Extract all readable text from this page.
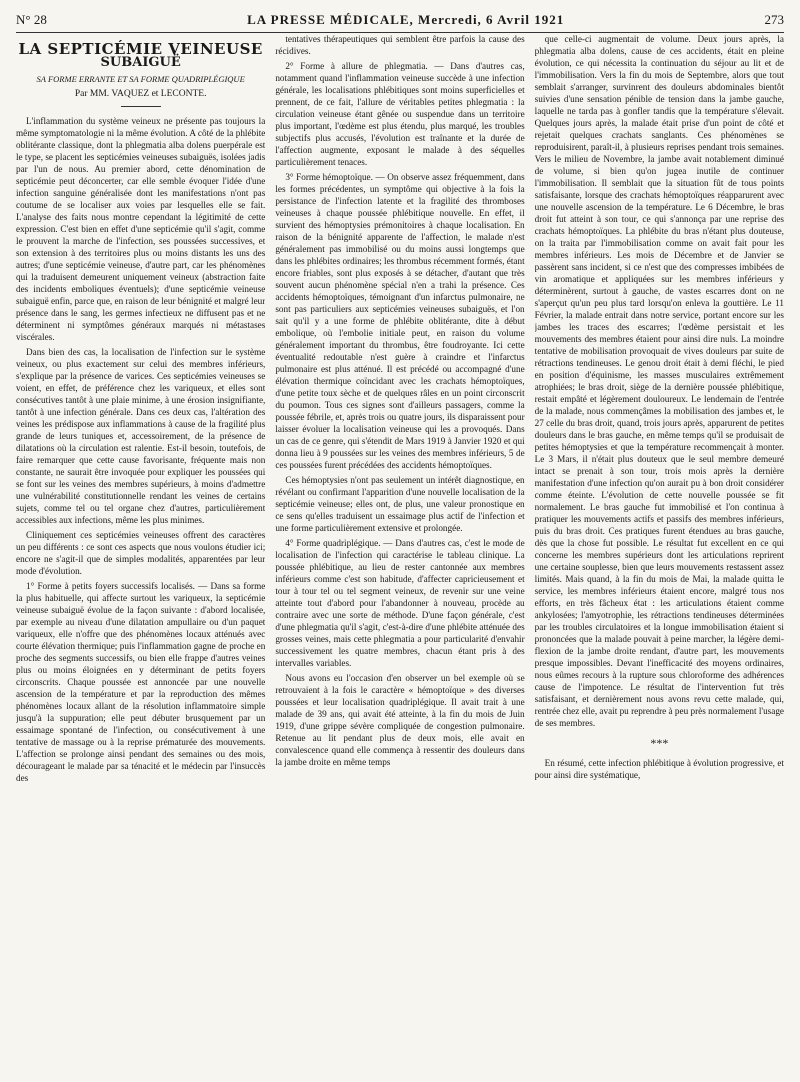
N° 28	LA PRESSE MÉDICALE, Mercredi, 6 Avril 1921	273
LA SEPTICÉMIE VEINEUSE
SUBAIGUË
SA FORME ERRANTE ET SA FORME QUADRIPLÉGIQUE
Par MM. VAQUEZ et LECONTE.

L'inflammation du système veineux ne présente pas toujours la même symptomatologie ni la même évolution. A côté de la phlébite oblitérante classique, dont la phlegmatia alba dolens puerpérale est le type, se placent les septicémies veineuses subaiguës, isolées jadis par l'un de nous. Au premier abord, cette dénomination de septicémie peut déconcerter, car elle semble évoquer l'idée d'une infection sanguine généralisée dont les manifestations n'ont pas coutume de se localiser aux voies par lesquelles elle se fait. L'analyse des faits nous montre cependant la légitimité de cette expression. C'est bien en effet d'une septicémie qu'il s'agit, comme le prouvent la marche de l'infection, ses poussées successives, et son extension à des territoires plus ou moins distants les uns des autres; d'une septicémie veineuse, d'autre part, car les phénomènes qui la traduisent demeurent uniquement veineux (abstraction faite des incidents emboliques éventuels); d'une septicémie veineuse subaiguë enfin, parce que, en raison de leur bénignité et malgré leur présence dans le sang, les germes infectieux ne diffusent pas et ne déterminent ni symptômes généraux marqués ni métastases viscérales.

Dans bien des cas, la localisation de l'infection sur le système veineux, ou plus exactement sur celui des membres inférieurs, s'explique par la présence de varices. Ces septicémies veineuses se voient, en effet, de préférence chez les variqueux, et elles sont consécutives tantôt à une plaie minime, à une érosion insignifiante, tantôt à une infection générale. Dans ces deux cas, l'altération des veines les prédispose aux inflammations à cause de la fragilité plus grande de leurs tuniques et, accessoirement, de la présence de dilatations où la circulation est ralentie. Est-il besoin, toutefois, de faire remarquer que cette cause favorisante, fréquente mais non constante, ne saurait être invoquée pour expliquer les poussées qui se font sur les veines des membres supérieurs, à moins d'admettre une vulnérabilité constitutionnelle rendant les veines de certains sujets, comme tel ou tel organe chez d'autres, particulièrement accessibles aux infections, même les plus minimes.

Cliniquement ces septicémies veineuses offrent des caractères un peu différents : ce sont ces aspects que nous voulons étudier ici; encore ne s'agit-il que de simples modalités, apparentées par leur mode d'évolution.

1° Forme à petits foyers successifs localisés. — Dans sa forme la plus habituelle, qui affecte surtout les variqueux, la septicémie veineuse subaiguë évolue de la façon suivante : d'abord localisée, par exemple au niveau d'une dilatation ampullaire ou d'un paquet variqueux, elle n'offre que des phénomènes locaux atténués avec courte élévation thermique; puis l'inflammation gagne de proche en proche des segments successifs, ou bien elle frappe d'autres veines plus ou moins éloignées en y déterminant de petits foyers circonscrits. Chaque poussée est annoncée par une nouvelle ascension de la température et par la reproduction des mêmes phénomènes locaux allant de la résolution inflammatoire simple jusqu'à la suppuration; elle peut débuter brusquement par un essaimage spontané de l'infection, ou consécutivement à une tentative de massage ou à la reprise prématurée des mouvements. L'affection se prolonge ainsi pendant des semaines ou des mois, décourageant le malade par sa ténacité et le médecin par l'insuccès des

tentatives thérapeutiques qui semblent être parfois la cause des récidives.

2° Forme à allure de phlegmatia. — Dans d'autres cas, notamment quand l'inflammation veineuse succède à une infection générale, les localisations phlébitiques sont moins superficielles et prennent, de ce fait, l'allure de véritables petites phlegmatia : la circulation veineuse étant gênée ou suspendue dans un territoire plus important, l'œdème est plus étendu, plus marqué, les troubles subjectifs plus accusés, l'évolution est traînante et la durée de l'affection augmente, exposant le malade à des séquelles particulièrement tenaces.

3° Forme hémoptoïque. — On observe assez fréquemment, dans les formes précédentes, un symptôme qui objective à la fois la persistance de l'infection latente et la fragilité des thromboses veineuses à chaque poussée phlébitique nouvelle. En effet, il survient des hémoptysies prémonitoires à chaque localisation. En raison de la bénignité apparente de l'affection, le malade n'est généralement pas immobilisé ou du moins aussi longtemps que dans les phlébites ordinaires; les thrombus récemment formés, étant encore friables, sont plus exposés à se détacher, d'autant que très souvent aucun phénomène spécial n'en a trahi la présence. Ces accidents hémoptoïques, témoignant d'un infarctus pulmonaire, ne sont pas particuliers aux septicémies veineuses subaiguës, et l'on sait qu'il y a une forme de phlébite oblitérante, dite à début embolique, où l'embolie initiale peut, en raison du volume généralement important du thrombus, être foudroyante. Ici cette éventualité redoutable n'est guère à craindre et l'infarctus pulmonaire est plus atténué. Il est précédé ou accompagné d'une élévation thermique coïncidant avec les crachats hémoptoïques, d'une petite toux sèche et de quelques râles en un point circonscrit du poumon. Tous ces signes sont d'ailleurs passagers, comme la poussée fébrile, et, après trois ou quatre jours, ils disparaissent pour laisser évoluer la localisation veineuse qui les a provoqués. Dans un cas de ce genre, qui s'étendit de Mars 1919 à Janvier 1920 et qui donna lieu à 9 poussées sur les veines des membres inférieurs, 5 de ces poussées furent précédées des accidents hémoptoïques.

Ces hémoptysies n'ont pas seulement un intérêt diagnostique, en révélant ou confirmant l'apparition d'une nouvelle localisation de la septicémie veineuse; elles ont, de plus, une valeur pronostique en ce sens qu'elles traduisent un essaimage plus actif de l'infection et une forme particulièrement extensive et prolongée.

4° Forme quadriplégique. — Dans d'autres cas, c'est le mode de localisation de l'infection qui caractérise le tableau clinique. La poussée phlébitique, au lieu de rester cantonnée aux membres inférieurs comme c'est son habitude, d'affecter capricieusement et tour à tour tel ou tel segment veineux, de revenir sur une veine atteinte tout d'abord pour l'abandonner à nouveau, procède au contraire avec une sorte de méthode. D'une façon générale, c'est d'une phlegmatia qu'il s'agit, c'est-à-dire d'une phlébite atténuée des grosses veines, mais cette phlegmatia a pour particularité d'envahir successivement les quatre membres, chacun étant pris à des intervalles variables.

Nous avons eu l'occasion d'en observer un bel exemple où se retrouvaient à la fois le caractère « hémoptoïque » des diverses poussées et leur localisation quadriplégique. Il avait trait à une malade de 39 ans, qui avait été atteinte, à la fin du mois de Juin 1919, d'une grippe sévère compliquée de congestion pulmonaire. Retenue au lit pendant plus de deux mois, elle avait en convalescence quand elle commença à ressentir des douleurs dans la jambe droite en même temps

que celle-ci augmentait de volume. Deux jours après, la phlegmatia alba dolens, cause de ces accidents, était en pleine évolution, ce qui nécessita la continuation du séjour au lit et de l'immobilisation. Vers la fin du mois de Septembre, alors que tout semblait s'arranger, survinrent des douleurs abdominales bientôt suivies d'une sensation pénible de tension dans la jambe gauche, laquelle ne tarda pas à gonfler tandis que la température s'élevait. Quelques jours après, la malade était prise d'un point de côté et rejetait quelques crachats sanglants. Ces phénomènes se reproduisirent, paraît-il, à plusieurs reprises pendant trois semaines. Vers le milieu de Novembre, la jambe avait notablement diminué de volume, si bien qu'on jugea inutile de continuer l'immobilisation. Il semblait que la situation fût de tous points satisfaisante, lorsque des crachats hémoptoïques réapparurent avec une nouvelle ascension de la température. Le 6 Décembre, le bras droit fut atteint à son tour, ce qui s'annonça par une reprise des crachats hémoptoïques. La phlébite du bras n'étant plus douteuse, on la traita par l'immobilisation comme on avait fait pour les membres inférieurs. Les mois de Décembre et de Janvier se passèrent sans incident, si ce n'est que des compresses imbibées de vin aromatique et appliquées sur les membres inférieurs y déterminèrent, surtout à gauche, de vastes escarres dont on ne s'aperçut qu'un peu plus tard lorsqu'on enleva la gouttière. Le 11 Février, la malade entrait dans notre service, portant encore sur les jambes les traces des escarres; l'œdème persistait et les mouvements des membres étaient pour ainsi dire nuls. La moindre tentative de mobilisation provoquait de vives douleurs par suite de rétractions tendineuses. Le genou droit était à demi fléchi, le pied en position d'équinisme, les masses musculaires extrêmement atrophiées; le bras droit, siège de la dernière poussée phlébitique, restait empâté et légèrement douloureux. Le lendemain de l'entrée de la malade, nous commençâmes la mobilisation des jambes et, le 27 celle du bras droit, quand, trois jours après, apparurent de petites douleurs dans le bras gauche, en même temps qu'il se produisait de petites hémoptysies et que la température recommençait à monter. Le 3 Mars, il n'était plus douteux que le seul membre demeuré intact se prenait à son tour, trois mois après la dernière manifestation d'une infection qu'on aurait pu à bon droit considérer comme éteinte. L'évolution de cette nouvelle poussée se fit normalement. Le bras gauche fut immobilisé et l'on continua à pratiquer les mouvements actifs et passifs des membres inférieurs, puis du bras droit. Ces pratiques furent étendues au bras gauche, dès que la chose fut possible. Le résultat fut excellent en ce qui concerne les membres supérieurs dont les articulations reprirent une certaine souplesse, bien que leurs mouvements restassent assez limités. Mais quand, à la fin du mois de Mai, la malade quitta le service, les membres inférieurs étaient encore, malgré tous nos efforts, en très fâcheux état : les articulations étaient comme ankylosées; l'amyotrophie, les rétractions tendineuses déterminées par les troubles circulatoires et la longue immobilisation étaient si prononcées que la malade pouvait à peine marcher, la légère demi-flexion de la jambe droite rendant, d'autre part, les mouvements presque impossibles. Devant l'inefficacité des moyens ordinaires, nous eûmes recours à la rupture sous chloroforme des adhérences cause de l'impotence. Le résultat de l'intervention fut très satisfaisant, et dernièrement nous avons revu cette malade, qui, rentrée chez elle, avait pu reprendre à peu près normalement l'usage de ses membres.

***

En résumé, cette infection phlébitique à évolution progressive, et pour ainsi dire systématique,
